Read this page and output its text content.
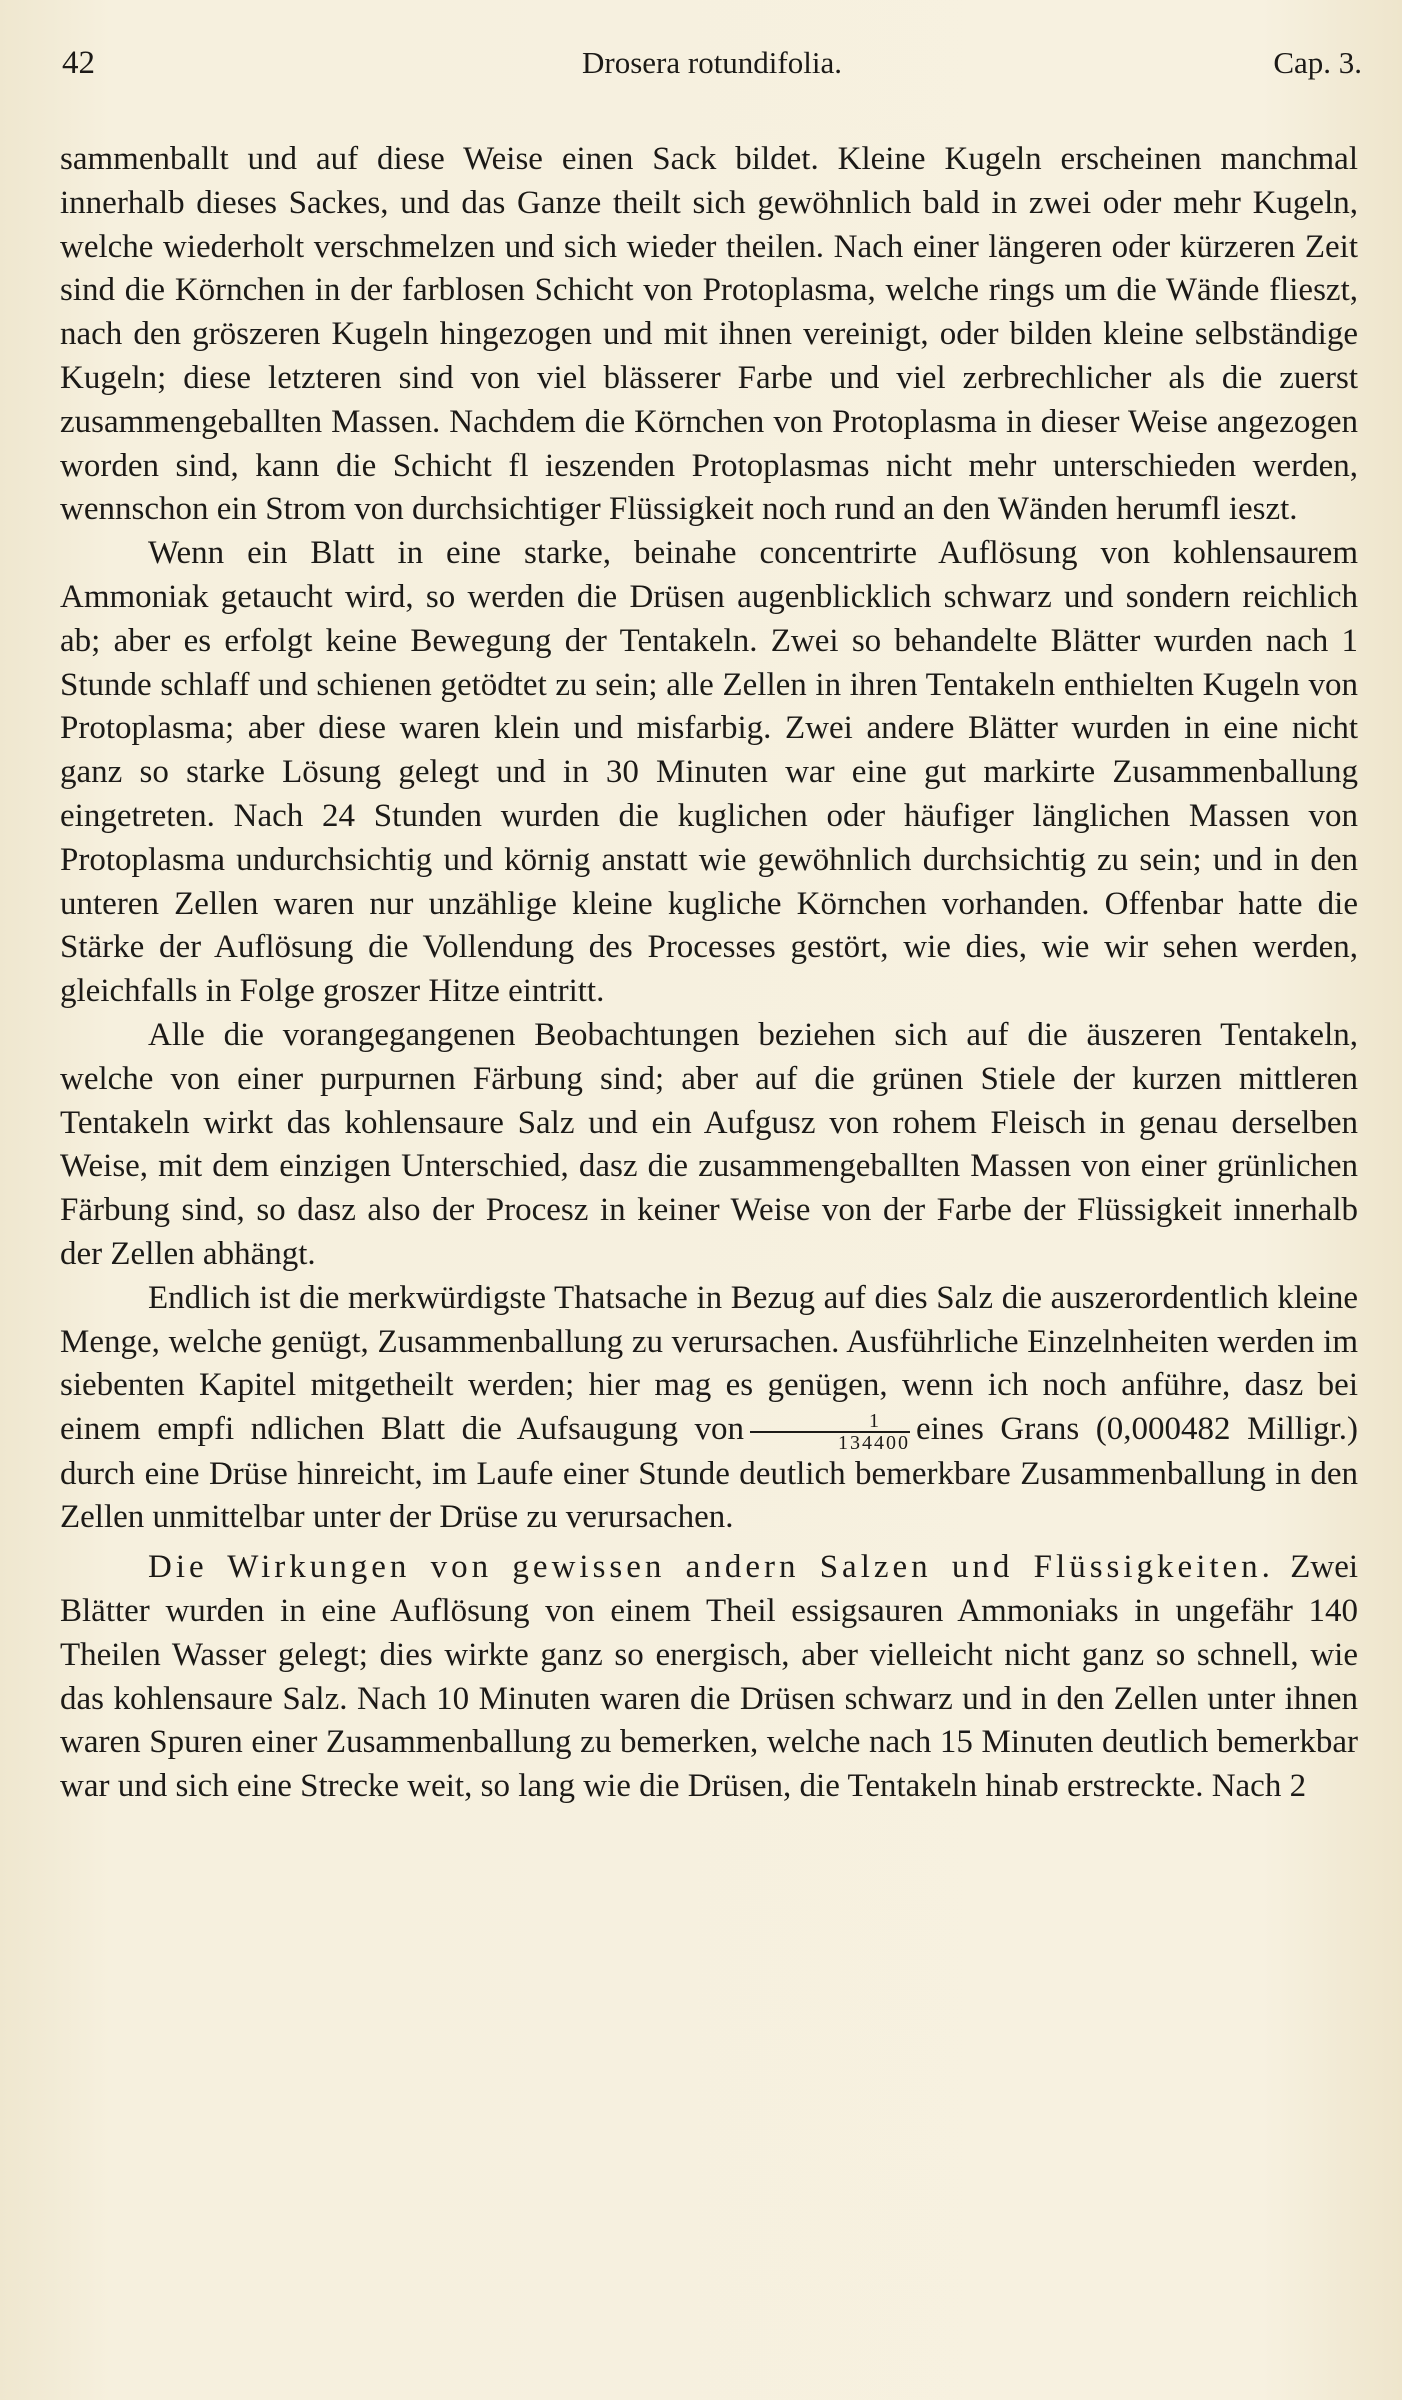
42	Drosera rotundifolia.	Cap. 3.

sammenballt und auf diese Weise einen Sack bildet. Kleine Kugeln erscheinen manchmal innerhalb dieses Sackes, und das Ganze theilt sich gewöhnlich bald in zwei oder mehr Kugeln, welche wiederholt verschmelzen und sich wieder theilen. Nach einer längeren oder kürzeren Zeit sind die Körnchen in der farblosen Schicht von Protoplasma, welche rings um die Wände flieszt, nach den gröszeren Kugeln hingezogen und mit ihnen vereinigt, oder bilden kleine selbständige Kugeln; diese letzteren sind von viel blässerer Farbe und viel zerbrechlicher als die zuerst zusammengeballten Massen. Nachdem die Körnchen von Protoplasma in dieser Weise angezogen worden sind, kann die Schicht fl ieszenden Protoplasmas nicht mehr unterschieden werden, wennschon ein Strom von durchsichtiger Flüssigkeit noch rund an den Wänden herumfl ieszt.

Wenn ein Blatt in eine starke, beinahe concentrirte Auflösung von kohlensaurem Ammoniak getaucht wird, so werden die Drüsen augenblicklich schwarz und sondern reichlich ab; aber es erfolgt keine Bewegung der Tentakeln. Zwei so behandelte Blätter wurden nach 1 Stunde schlaff und schienen getödtet zu sein; alle Zellen in ihren Tentakeln enthielten Kugeln von Protoplasma; aber diese waren klein und misfarbig. Zwei andere Blätter wurden in eine nicht ganz so starke Lösung gelegt und in 30 Minuten war eine gut markirte Zusammenballung eingetreten. Nach 24 Stunden wurden die kuglichen oder häufiger länglichen Massen von Protoplasma undurchsichtig und körnig anstatt wie gewöhnlich durchsichtig zu sein; und in den unteren Zellen waren nur unzählige kleine kugliche Körnchen vorhanden. Offenbar hatte die Stärke der Auflösung die Vollendung des Processes gestört, wie dies, wie wir sehen werden, gleichfalls in Folge groszer Hitze eintritt.

Alle die vorangegangenen Beobachtungen beziehen sich auf die äuszeren Tentakeln, welche von einer purpurnen Färbung sind; aber auf die grünen Stiele der kurzen mittleren Tentakeln wirkt das kohlensaure Salz und ein Aufgusz von rohem Fleisch in genau derselben Weise, mit dem einzigen Unterschied, dasz die zusammengeballten Massen von einer grünlichen Färbung sind, so dasz also der Procesz in keiner Weise von der Farbe der Flüssigkeit innerhalb der Zellen abhängt.

Endlich ist die merkwürdigste Thatsache in Bezug auf dies Salz die auszerordentlich kleine Menge, welche genügt, Zusammenballung zu verursachen. Ausführliche Einzelnheiten werden im siebenten Kapitel mitgetheilt werden; hier mag es genügen, wenn ich noch anführe, dasz bei einem empfi ndlichen Blatt die Aufsaugung von $\frac{1}{134400}$ eines Grans (0,000482 Milligr.) durch eine Drüse hinreicht, im Laufe einer Stunde deutlich bemerkbare Zusammenballung in den Zellen unmittelbar unter der Drüse zu verursachen.

Die Wirkungen von gewissen andern Salzen und Flüssigkeiten. Zwei Blätter wurden in eine Auflösung von einem Theil essigsauren Ammoniaks in ungefähr 140 Theilen Wasser gelegt; dies wirkte ganz so energisch, aber vielleicht nicht ganz so schnell, wie das kohlensaure Salz. Nach 10 Minuten waren die Drüsen schwarz und in den Zellen unter ihnen waren Spuren einer Zusammenballung zu bemerken, welche nach 15 Minuten deutlich bemerkbar war und sich eine Strecke weit, so lang wie die Drüsen, die Tentakeln hinab erstreckte. Nach 2
